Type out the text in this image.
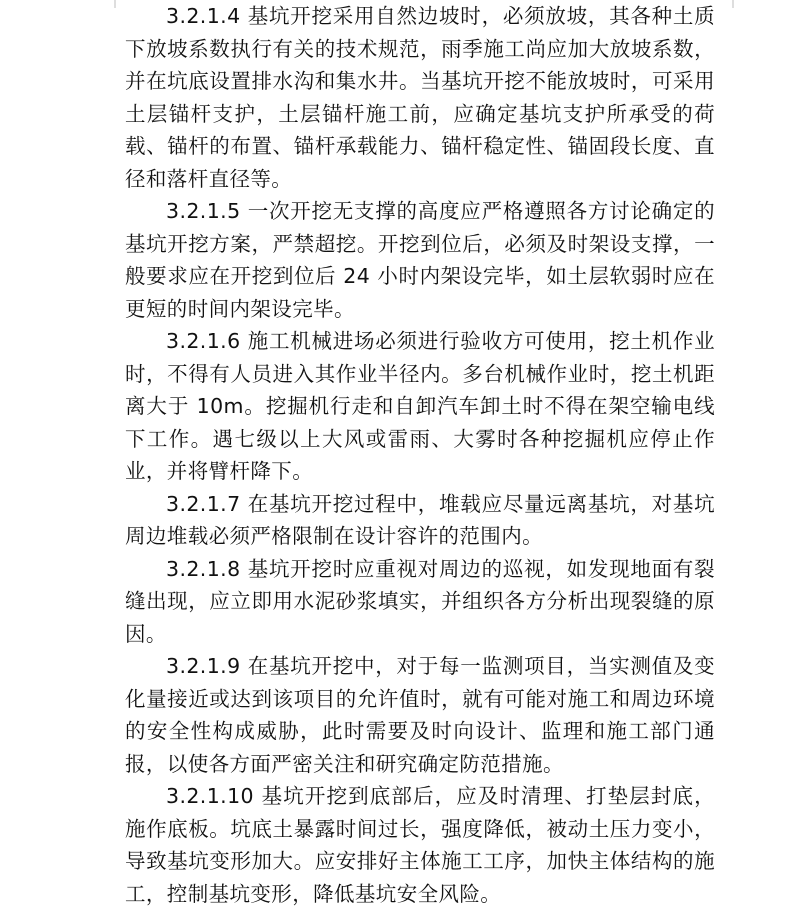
3.2.1.4 基坑开挖采用自然边坡时，必须放坡，其各种土质下放坡系数执行有关的技术规范，雨季施工尚应加大放坡系数，并在坑底设置排水沟和集水井。当基坑开挖不能放坡时，可采用土层锚杆支护，土层锚杆施工前，应确定基坑支护所承受的荷载、锚杆的布置、锚杆承载能力、锚杆稳定性、锚固段长度、直径和落杆直径等。

3.2.1.5 一次开挖无支撑的高度应严格遵照各方讨论确定的基坑开挖方案，严禁超挖。开挖到位后，必须及时架设支撑，一般要求应在开挖到位后 24 小时内架设完毕，如土层软弱时应在更短的时间内架设完毕。

3.2.1.6 施工机械进场必须进行验收方可使用，挖土机作业时，不得有人员进入其作业半径内。多台机械作业时，挖土机距离大于 10m。挖掘机行走和自卸汽车卸土时不得在架空输电线下工作。遇七级以上大风或雷雨、大雾时各种挖掘机应停止作业，并将臂杆降下。

3.2.1.7 在基坑开挖过程中，堆载应尽量远离基坑，对基坑周边堆载必须严格限制在设计容许的范围内。

3.2.1.8 基坑开挖时应重视对周边的巡视，如发现地面有裂缝出现，应立即用水泥砂浆填实，并组织各方分析出现裂缝的原因。

3.2.1.9 在基坑开挖中，对于每一监测项目，当实测值及变化量接近或达到该项目的允许值时，就有可能对施工和周边环境的安全性构成威胁，此时需要及时向设计、监理和施工部门通报，以使各方面严密关注和研究确定防范措施。

3.2.1.10 基坑开挖到底部后，应及时清理、打垫层封底，施作底板。坑底土暴露时间过长，强度降低，被动土压力变小，导致基坑变形加大。应安排好主体施工工序，加快主体结构的施工，控制基坑变形，降低基坑安全风险。
